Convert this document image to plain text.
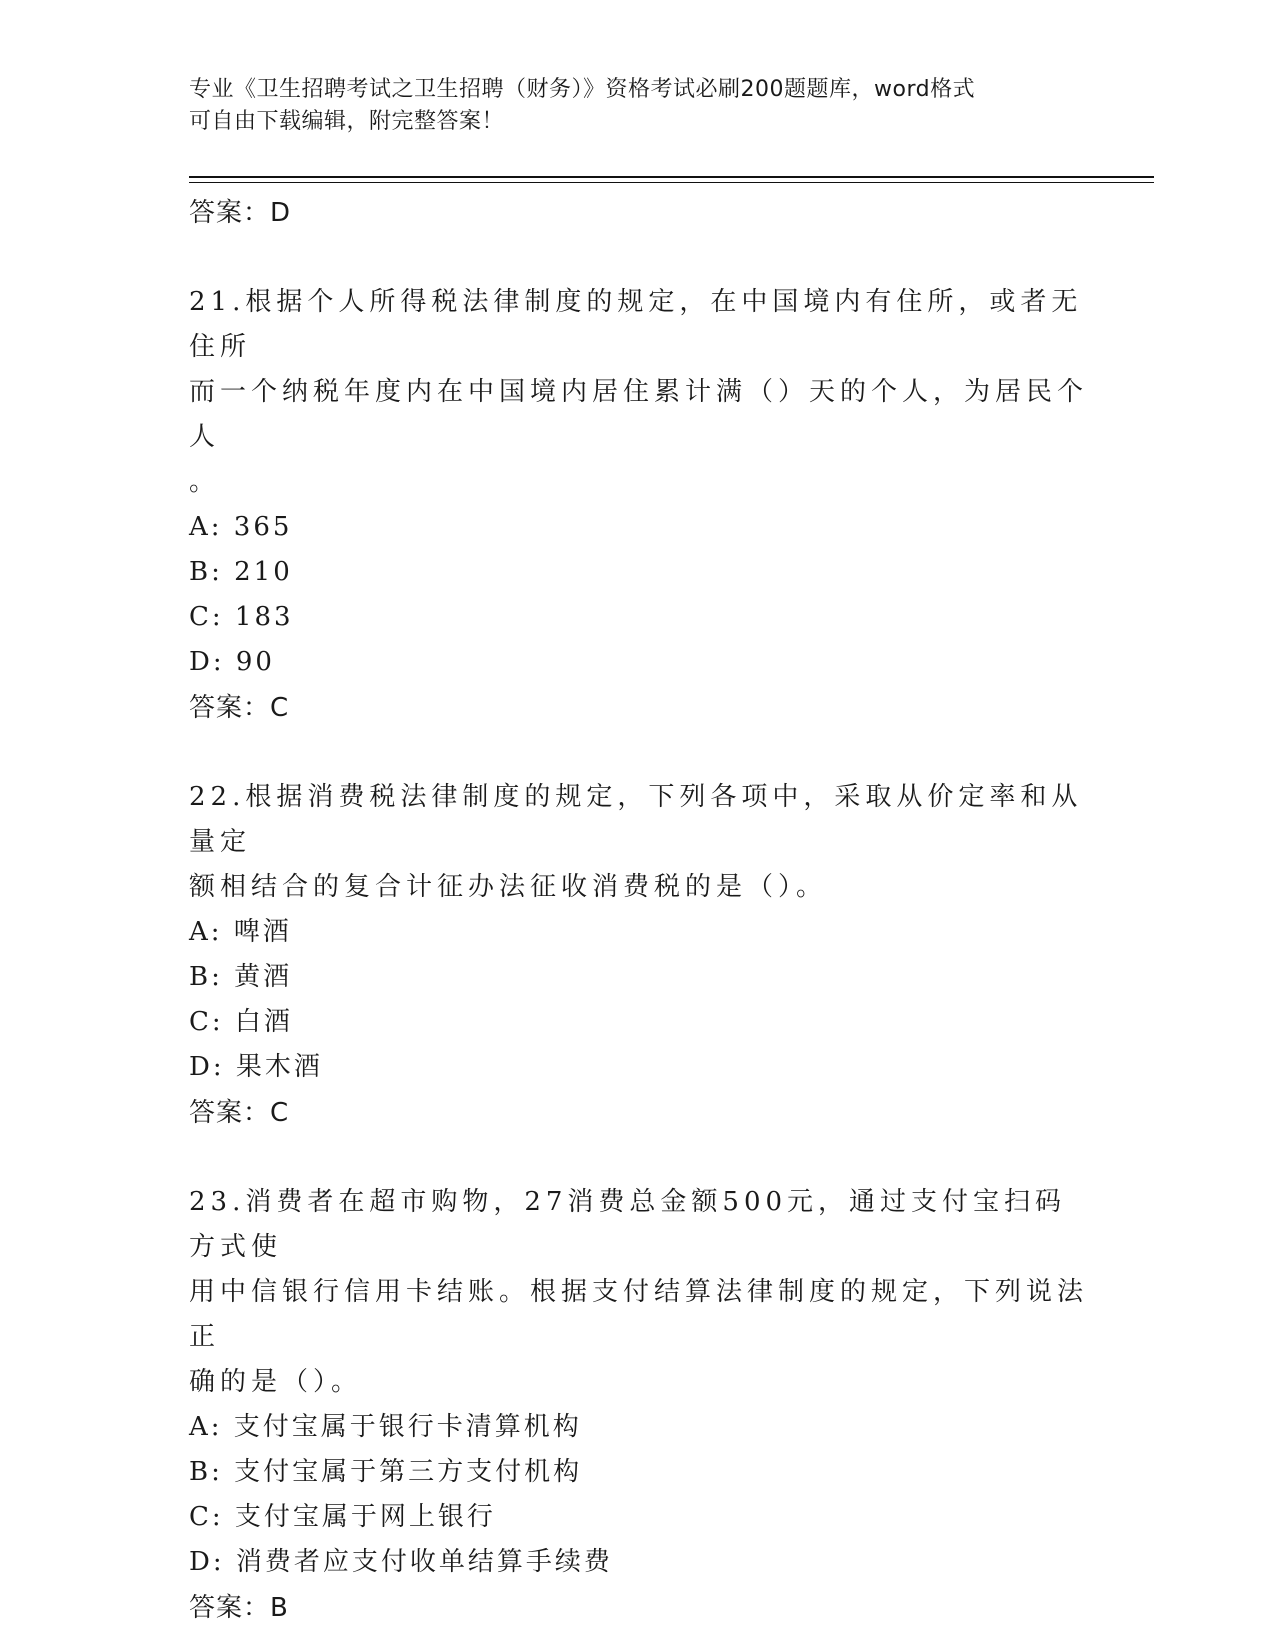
专业《卫生招聘考试之卫生招聘（财务）》资格考试必刷200题题库，word格式
可自由下载编辑，附完整答案！
答案：D
21.根据个人所得税法律制度的规定，在中国境内有住所，或者无住所
而一个纳税年度内在中国境内居住累计满（）天的个人，为居民个人
。
A: 365
B: 210
C: 183
D: 90
答案：C
22.根据消费税法律制度的规定，下列各项中，采取从价定率和从量定
额相结合的复合计征办法征收消费税的是（）。
A: 啤酒
B: 黄酒
C: 白酒
D: 果木酒
答案：C
23.消费者在超市购物，27消费总金额500元，通过支付宝扫码方式使
用中信银行信用卡结账。根据支付结算法律制度的规定，下列说法正
确的是（）。
A: 支付宝属于银行卡清算机构
B: 支付宝属于第三方支付机构
C: 支付宝属于网上银行
D: 消费者应支付收单结算手续费
答案：B
